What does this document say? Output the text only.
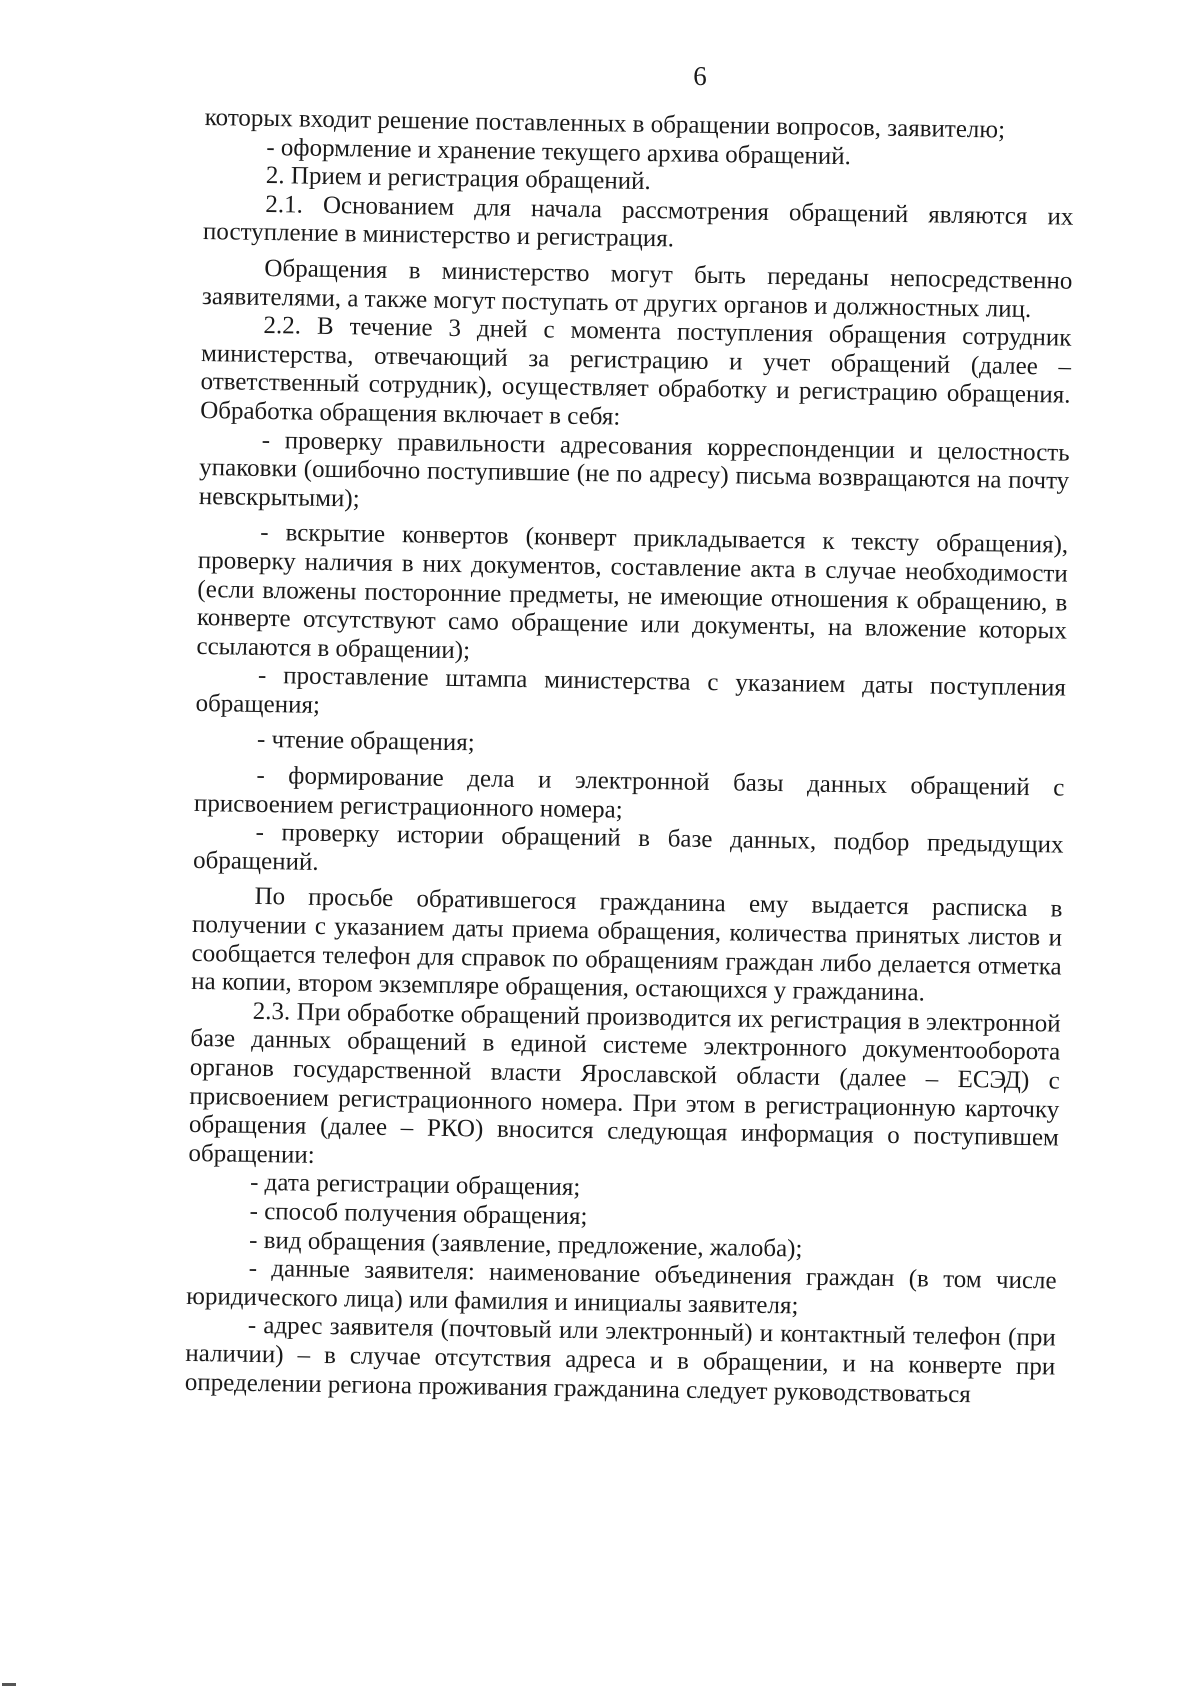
6

которых входит решение поставленных в обращении вопросов, заявителю;

- оформление и хранение текущего архива обращений.

2. Прием и регистрация обращений.

2.1. Основанием для начала рассмотрения обращений являются их поступление в министерство и регистрация.

Обращения в министерство могут быть переданы непосредственно заявителями, а также могут поступать от других органов и должностных лиц.

2.2. В течение 3 дней с момента поступления обращения сотрудник министерства, отвечающий за регистрацию и учет обращений (далее – ответственный сотрудник), осуществляет обработку и регистрацию обращения. Обработка обращения включает в себя:

- проверку правильности адресования корреспонденции и целостность упаковки (ошибочно поступившие (не по адресу) письма возвращаются на почту невскрытыми);

- вскрытие конвертов (конверт прикладывается к тексту обращения), проверку наличия в них документов, составление акта в случае необходимости (если вложены посторонние предметы, не имеющие отношения к обращению, в конверте отсутствуют само обращение или документы, на вложение которых ссылаются в обращении);

- проставление штампа министерства с указанием даты поступления обращения;

- чтение обращения;

- формирование дела и электронной базы данных обращений с присвоением регистрационного номера;

- проверку истории обращений в базе данных, подбор предыдущих обращений.

По просьбе обратившегося гражданина ему выдается расписка в получении с указанием даты приема обращения, количества принятых листов и сообщается телефон для справок по обращениям граждан либо делается отметка на копии, втором экземпляре обращения, остающихся у гражданина.

2.3. При обработке обращений производится их регистрация в электронной базе данных обращений в единой системе электронного документооборота органов государственной власти Ярославской области (далее – ЕСЭД) с присвоением регистрационного номера. При этом в регистрационную карточку обращения (далее – РКО) вносится следующая информация о поступившем обращении:

- дата регистрации обращения;

- способ получения обращения;

- вид обращения (заявление, предложение, жалоба);

- данные заявителя: наименование объединения граждан (в том числе юридического лица) или фамилия и инициалы заявителя;

- адрес заявителя (почтовый или электронный) и контактный телефон (при наличии) – в случае отсутствия адреса и в обращении, и на конверте при определении региона проживания гражданина следует руководствоваться
